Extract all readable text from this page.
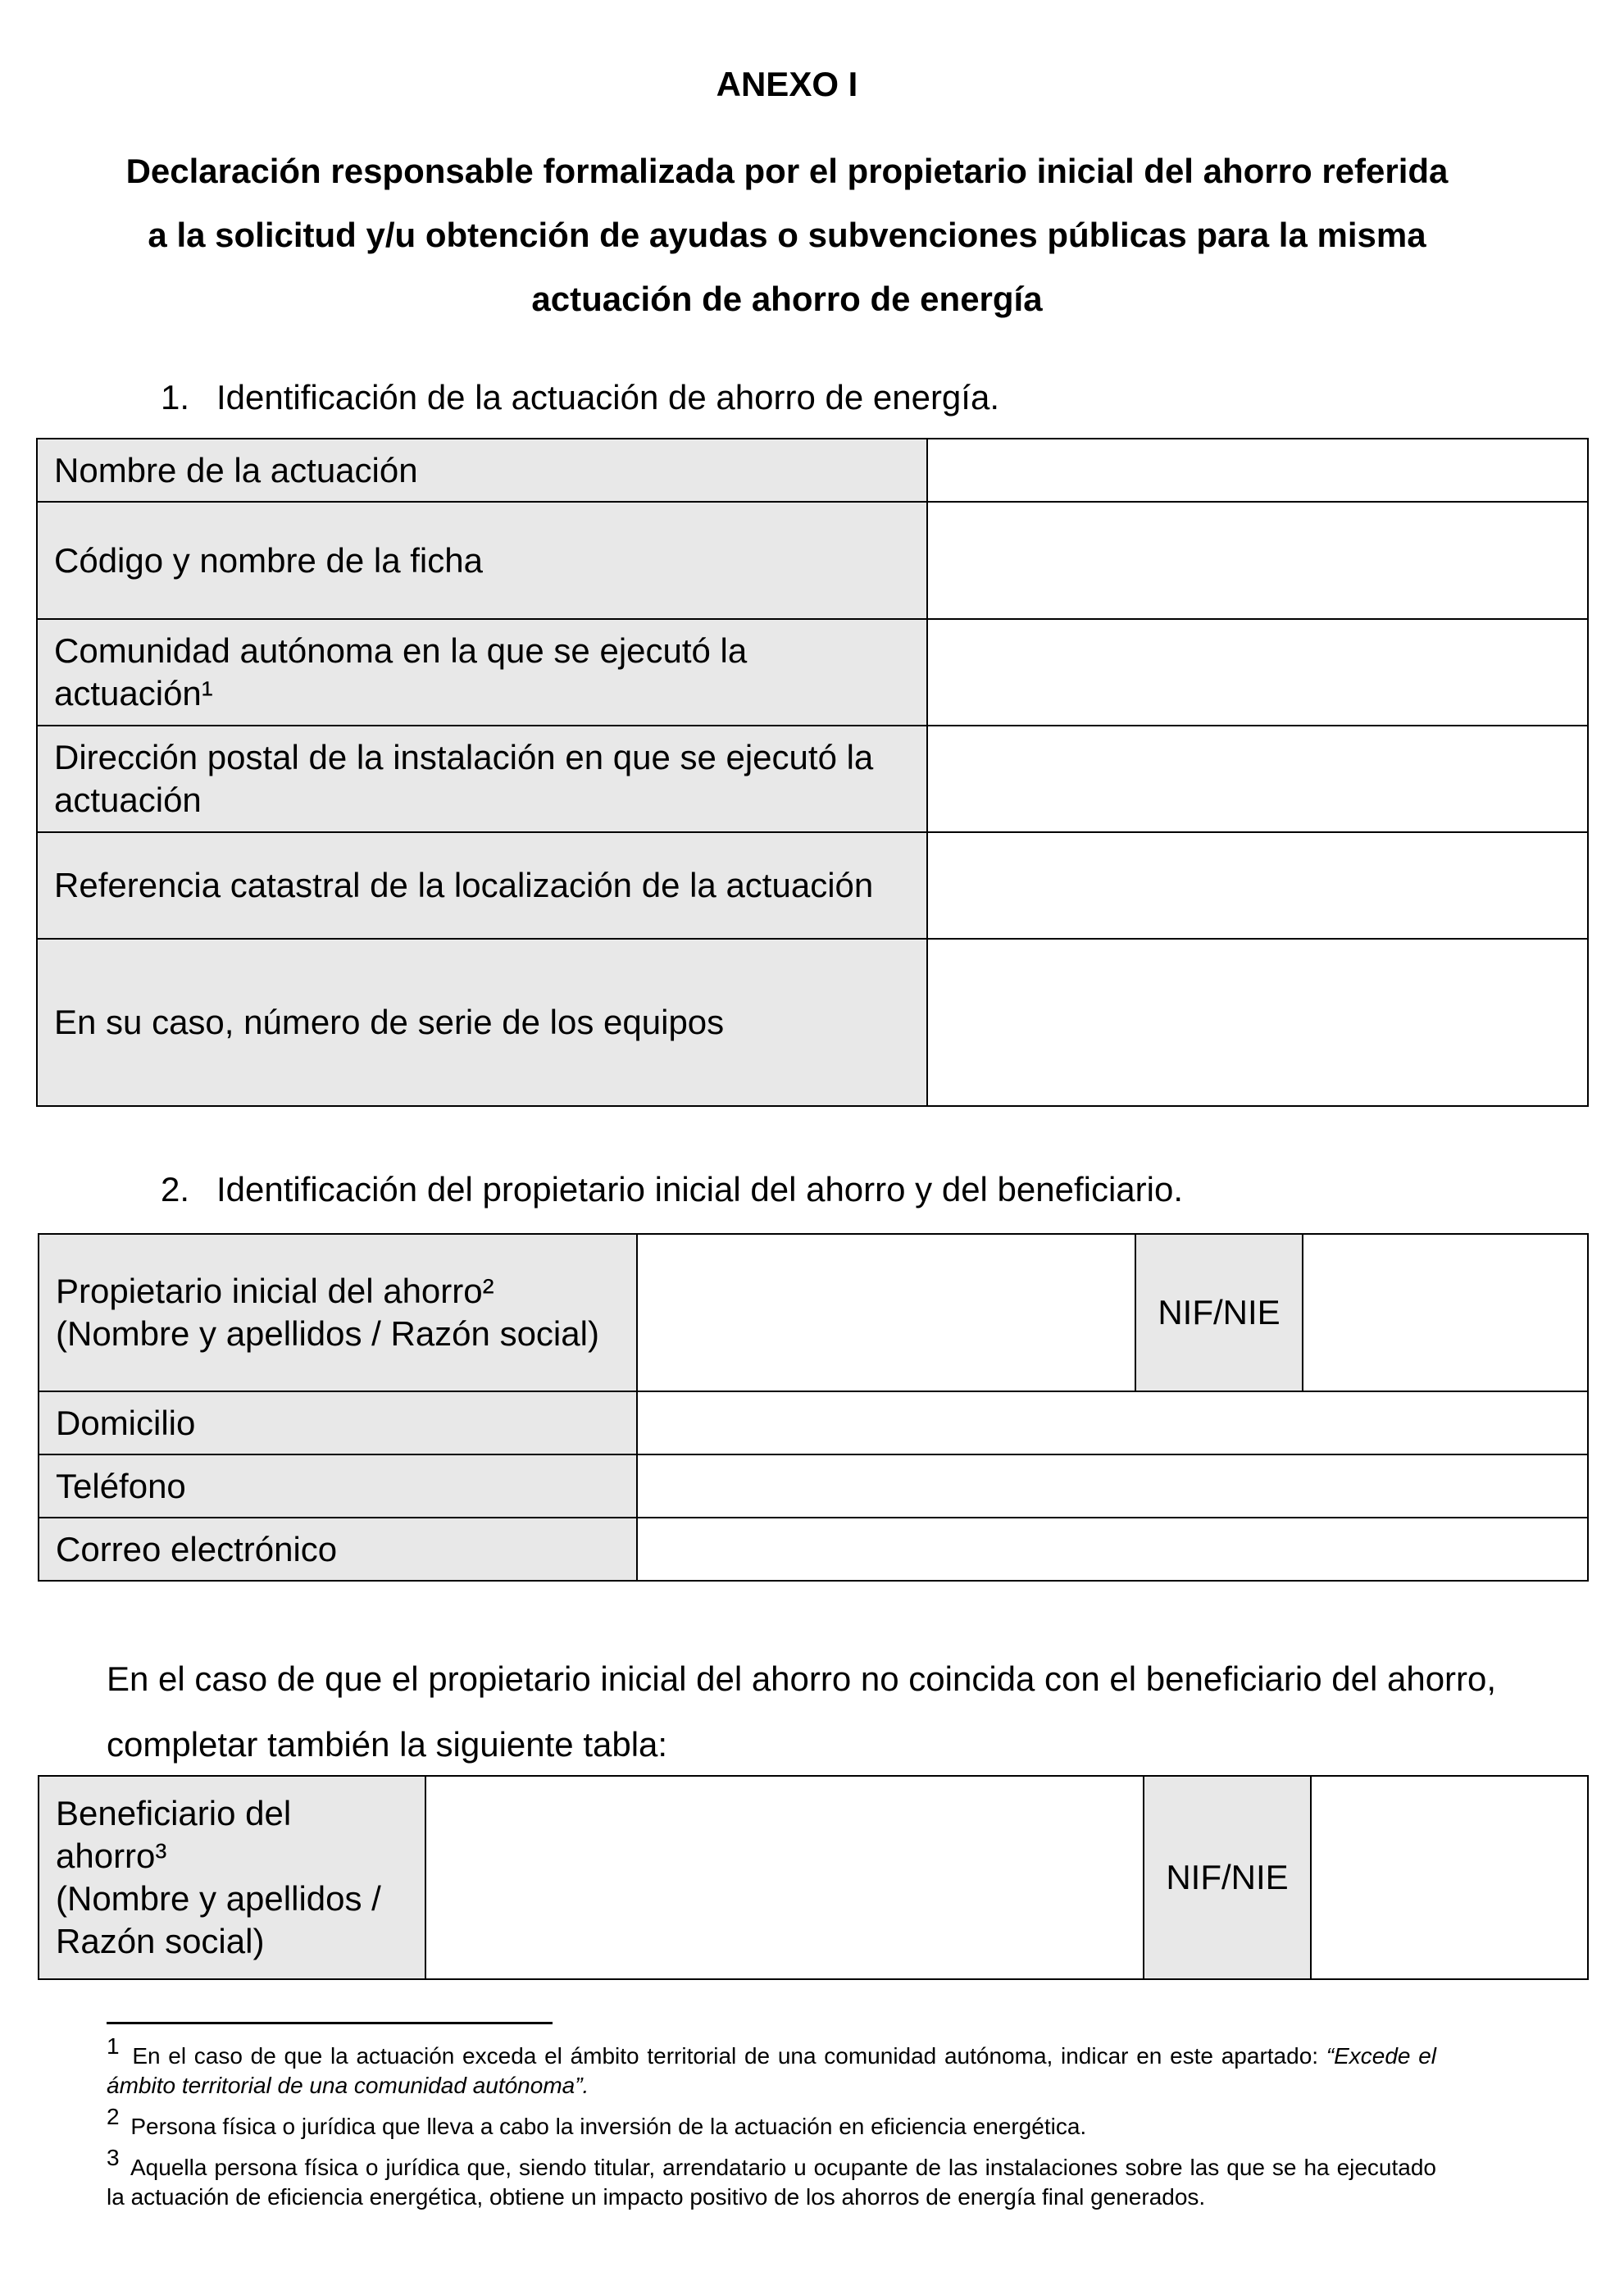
ANEXO I
Declaración responsable formalizada por el propietario inicial del ahorro referida a la solicitud y/u obtención de ayudas o subvenciones públicas para la misma actuación de ahorro de energía
1. Identificación de la actuación de ahorro de energía.
Nombre de la actuación	
Código y nombre de la ficha	
Comunidad autónoma en la que se ejecutó la actuación¹	
Dirección postal de la instalación en que se ejecutó la actuación	
Referencia catastral de la localización de la actuación	
En su caso, número de serie de los equipos	
2. Identificación del propietario inicial del ahorro y del beneficiario.
Propietario inicial del ahorro²
(Nombre y apellidos / Razón social)		NIF/NIE	
Domicilio			
Teléfono			
Correo electrónico			
En el caso de que el propietario inicial del ahorro no coincida con el beneficiario del ahorro, completar también la siguiente tabla:
Beneficiario del ahorro³
(Nombre y apellidos / Razón social)
		NIF/NIE	
$^1$ En el caso de que la actuación exceda el ámbito territorial de una comunidad autónoma, indicar en este apartado: “Excede el ámbito territorial de una comunidad autónoma”.
$^2$ Persona física o jurídica que lleva a cabo la inversión de la actuación en eficiencia energética.
$^3$ Aquella persona física o jurídica que, siendo titular, arrendatario u ocupante de las instalaciones sobre las que se ha ejecutado la actuación de eficiencia energética, obtiene un impacto positivo de los ahorros de energía final generados.
